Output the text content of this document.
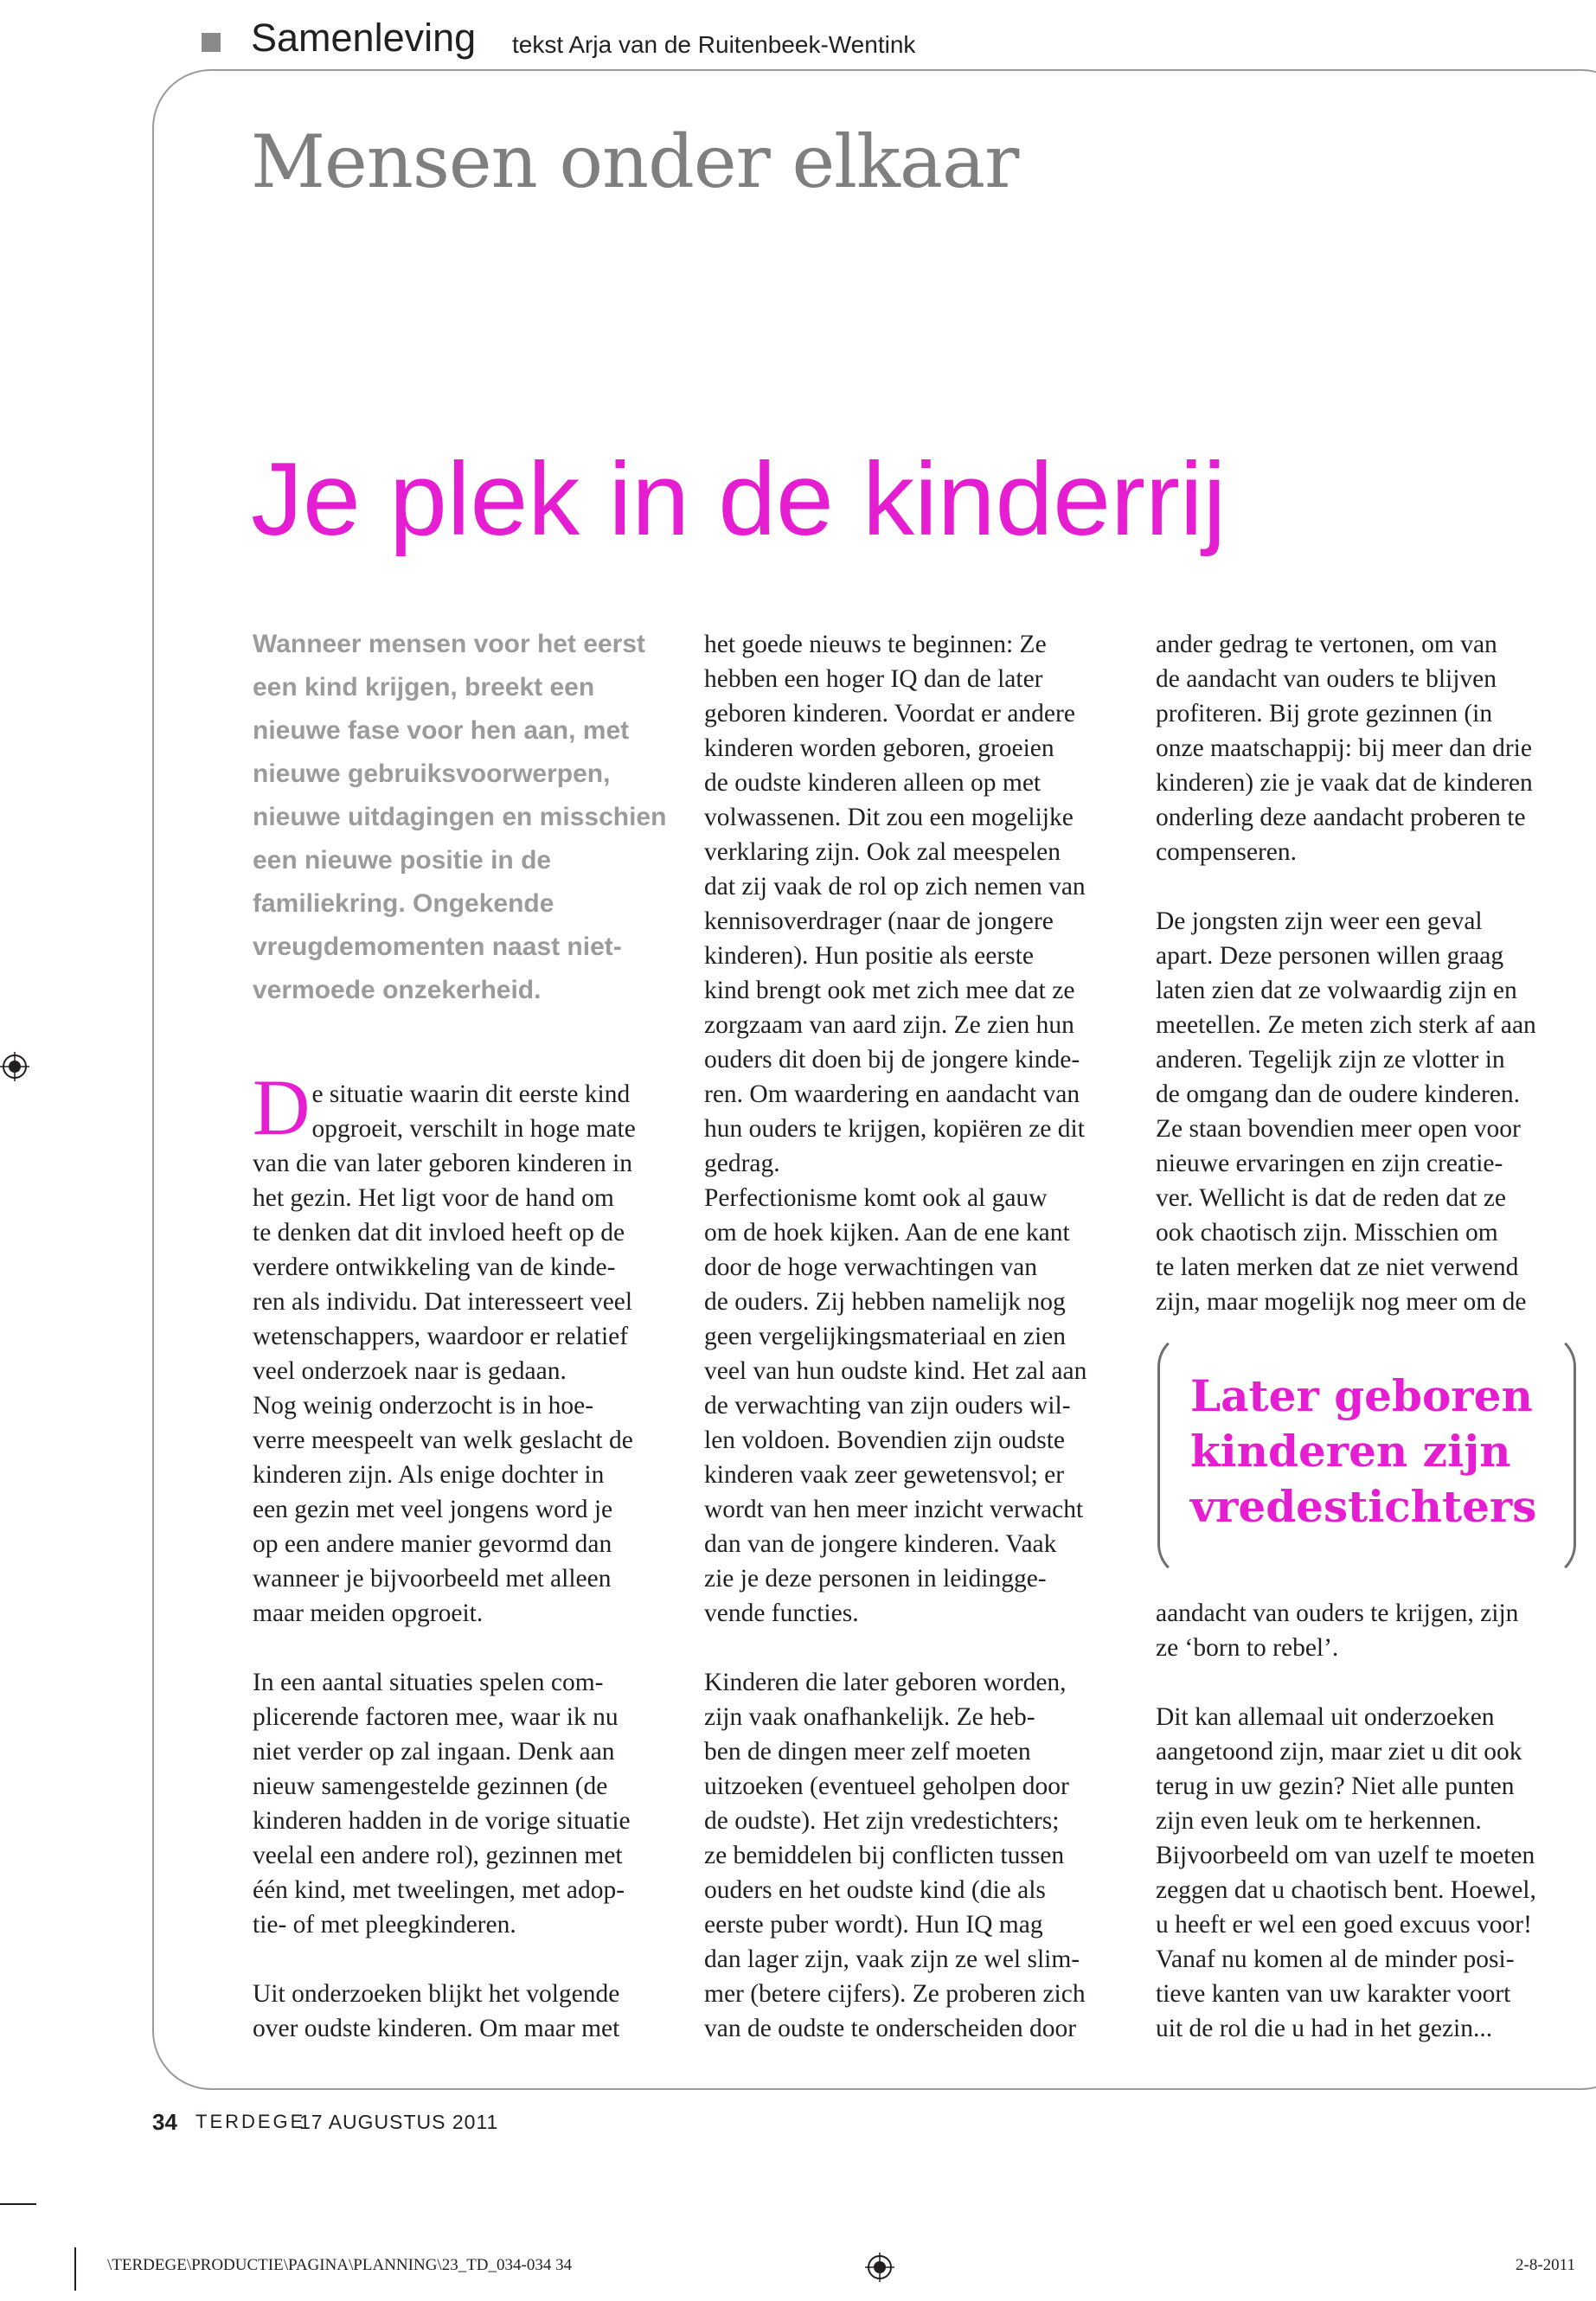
Samenleving tekst Arja van de Ruitenbeek-Wentink
Mensen onder elkaar
Je plek in de kinderrij
Wanneer mensen voor het eerst een kind krijgen, breekt een nieuwe fase voor hen aan, met nieuwe gebruiksvoorwerpen, nieuwe uitdagingen en misschien een nieuwe positie in de familiekring. Ongekende vreugdemomenten naast niet-vermoede onzekerheid.
D e situatie waarin dit eerste kind
opgroeit, verschilt in hoge mate
van die van later geboren kinderen in
het gezin. Het ligt voor de hand om
te denken dat dit invloed heeft op de
verdere ontwikkeling van de kinde-
ren als individu. Dat interesseert veel
wetenschappers, waardoor er relatief
veel onderzoek naar is gedaan.
Nog weinig onderzocht is in hoe-
verre meespeelt van welk geslacht de
kinderen zijn. Als enige dochter in
een gezin met veel jongens word je
op een andere manier gevormd dan
wanneer je bijvoorbeeld met alleen
maar meiden opgroeit.
In een aantal situaties spelen com-
plicerende factoren mee, waar ik nu
niet verder op zal ingaan. Denk aan
nieuw samengestelde gezinnen (de
kinderen hadden in de vorige situatie
veelal een andere rol), gezinnen met
één kind, met tweelingen, met adop-
tie- of met pleegkinderen.
Uit onderzoeken blijkt het volgende
over oudste kinderen. Om maar met
het goede nieuws te beginnen: Ze
hebben een hoger IQ dan de later
geboren kinderen. Voordat er andere
kinderen worden geboren, groeien
de oudste kinderen alleen op met
volwassenen. Dit zou een mogelijke
verklaring zijn. Ook zal meespelen
dat zij vaak de rol op zich nemen van
kennisoverdrager (naar de jongere
kinderen). Hun positie als eerste
kind brengt ook met zich mee dat ze
zorgzaam van aard zijn. Ze zien hun
ouders dit doen bij de jongere kinde-
ren. Om waardering en aandacht van
hun ouders te krijgen, kopiëren ze dit
gedrag.
Perfectionisme komt ook al gauw
om de hoek kijken. Aan de ene kant
door de hoge verwachtingen van
de ouders. Zij hebben namelijk nog
geen vergelijkingsmateriaal en zien
veel van hun oudste kind. Het zal aan
de verwachting van zijn ouders wil-
len voldoen. Bovendien zijn oudste
kinderen vaak zeer gewetensvol; er
wordt van hen meer inzicht verwacht
dan van de jongere kinderen. Vaak
zie je deze personen in leidingge-
vende functies.
Kinderen die later geboren worden,
zijn vaak onafhankelijk. Ze heb-
ben de dingen meer zelf moeten
uitzoeken (eventueel geholpen door
de oudste). Het zijn vredestichters;
ze bemiddelen bij conflicten tussen
ouders en het oudste kind (die als
eerste puber wordt). Hun IQ mag
dan lager zijn, vaak zijn ze wel slim-
mer (betere cijfers). Ze proberen zich
van de oudste te onderscheiden door
ander gedrag te vertonen, om van
de aandacht van ouders te blijven
profiteren. Bij grote gezinnen (in
onze maatschappij: bij meer dan drie
kinderen) zie je vaak dat de kinderen
onderling deze aandacht proberen te
compenseren.
De jongsten zijn weer een geval
apart. Deze personen willen graag
laten zien dat ze volwaardig zijn en
meetellen. Ze meten zich sterk af aan
anderen. Tegelijk zijn ze vlotter in
de omgang dan de oudere kinderen.
Ze staan bovendien meer open voor
nieuwe ervaringen en zijn creatie-
ver. Wellicht is dat de reden dat ze
ook chaotisch zijn. Misschien om
te laten merken dat ze niet verwend
zijn, maar mogelijk nog meer om de
Later geboren kinderen zijn vredestichters
aandacht van ouders te krijgen, zijn
ze ‘born to rebel’.
Dit kan allemaal uit onderzoeken
aangetoond zijn, maar ziet u dit ook
terug in uw gezin? Niet alle punten
zijn even leuk om te herkennen.
Bijvoorbeeld om van uzelf te moeten
zeggen dat u chaotisch bent. Hoewel,
u heeft er wel een goed excuus voor!
Vanaf nu komen al de minder posi-
tieve kanten van uw karakter voort
uit de rol die u had in het gezin...
34 TERDEGE
17 AUGUSTUS 2011
\TERDEGE\PRODUCTIE\PAGINA\PLANNING\23_TD_034-034 34	2-8-2011
